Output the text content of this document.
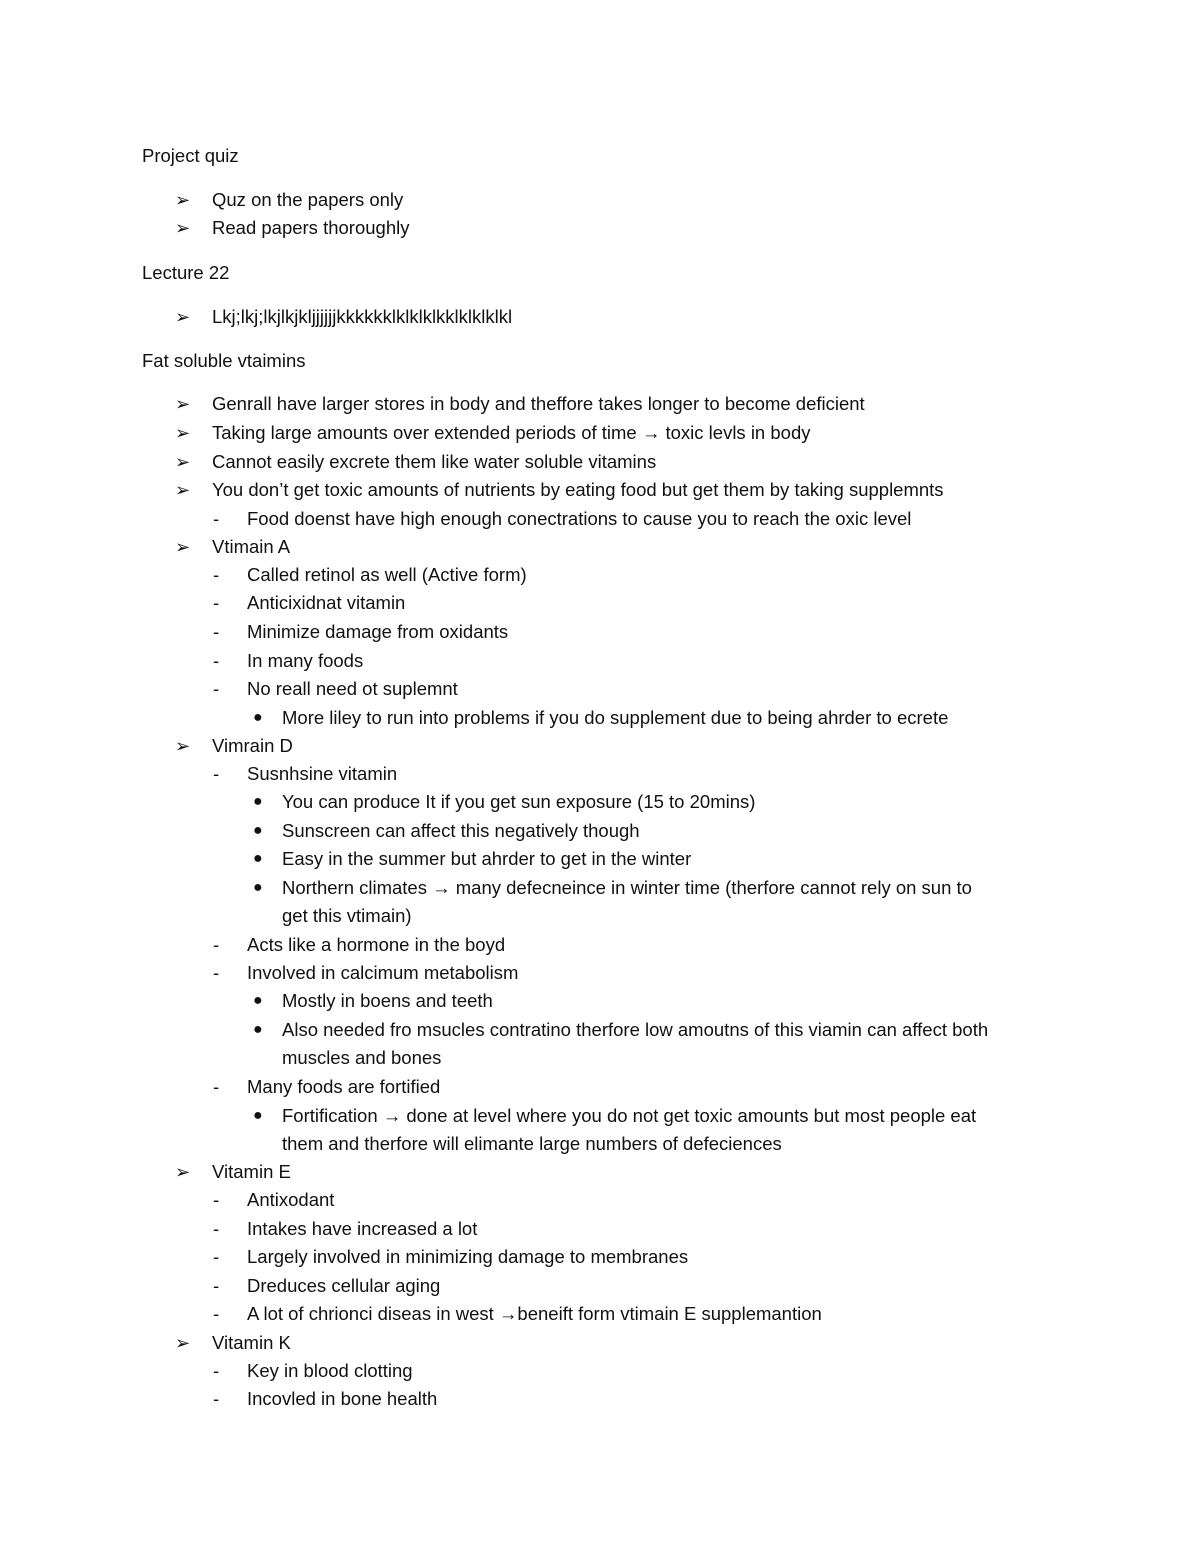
Project quiz
➢ Quz on the papers only
➢ Read papers thoroughly
Lecture 22
➢ Lkj;lkj;lkjlkjkljjjjjjkkkkkklklklklkklklklklkl
Fat soluble vtaimins
➢ Genrall have larger stores in body and theffore takes longer to become deficient
➢ Taking large amounts over extended periods of time → toxic levls in body
➢ Cannot easily excrete them like water soluble vitamins
➢ You don’t get toxic amounts of nutrients by eating food but get them by taking supplemnts
- Food doenst have high enough conectrations to cause you to reach the oxic level
➢ Vtimain A
- Called retinol as well (Active form)
- Anticixidnat vitamin
- Minimize damage from oxidants
- In many foods
- No reall need ot suplemnt
● More liley to run into problems if you do supplement due to being ahrder to ecrete
➢ Vimrain D
- Susnhsine vitamin
● You can produce It if you get sun exposure (15 to 20mins)
● Sunscreen can affect this negatively though
● Easy in the summer but ahrder to get in the winter
● Northern climates → many defecneince in winter time (therfore cannot rely on sun to
get this vtimain)
- Acts like a hormone in the boyd
- Involved in calcimum metabolism
● Mostly in boens and teeth
● Also needed fro msucles contratino therfore low amoutns of this viamin can affect both
muscles and bones
- Many foods are fortified
● Fortification → done at level where you do not get toxic amounts but most people eat
them and therfore will elimante large numbers of defeciences
➢ Vitamin E
- Antixodant
- Intakes have increased a lot
- Largely involved in minimizing damage to membranes
- Dreduces cellular aging
- A lot of chrionci diseas in west →beneift form vtimain E supplemantion
➢ Vitamin K
- Key in blood clotting
- Incovled in bone health
